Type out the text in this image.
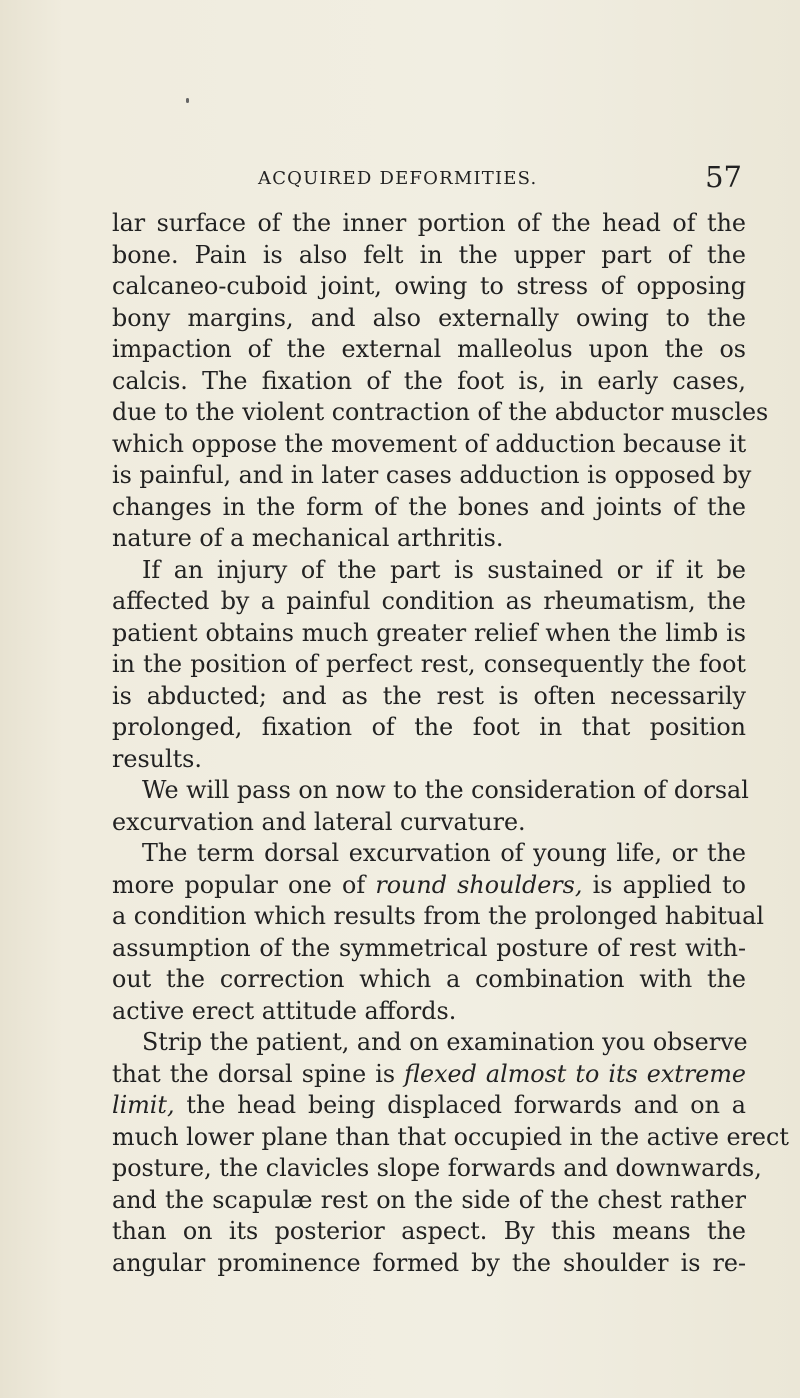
ACQUIRED DEFORMITIES.	57
lar surface of the inner portion of the head of the
bone. Pain is also felt in the upper part of the
calcaneo-cuboid joint, owing to stress of opposing
bony margins, and also externally owing to the
impaction of the external malleolus upon the os
calcis. The fixation of the foot is, in early cases,
due to the violent contraction of the abductor muscles
which oppose the movement of adduction because it
is painful, and in later cases adduction is opposed by
changes in the form of the bones and joints of the
nature of a mechanical arthritis.
If an injury of the part is sustained or if it be
affected by a painful condition as rheumatism, the
patient obtains much greater relief when the limb is
in the position of perfect rest, consequently the foot
is abducted; and as the rest is often necessarily
prolonged, fixation of the foot in that position
results.
We will pass on now to the consideration of dorsal
excurvation and lateral curvature.
The term dorsal excurvation of young life, or the
more popular one of round shoulders, is applied to
a condition which results from the prolonged habitual
assumption of the symmetrical posture of rest with-
out the correction which a combination with the
active erect attitude affords.
Strip the patient, and on examination you observe
that the dorsal spine is flexed almost to its extreme
limit, the head being displaced forwards and on a
much lower plane than that occupied in the active erect
posture, the clavicles slope forwards and downwards,
and the scapulæ rest on the side of the chest rather
than on its posterior aspect. By this means the
angular prominence formed by the shoulder is re-
